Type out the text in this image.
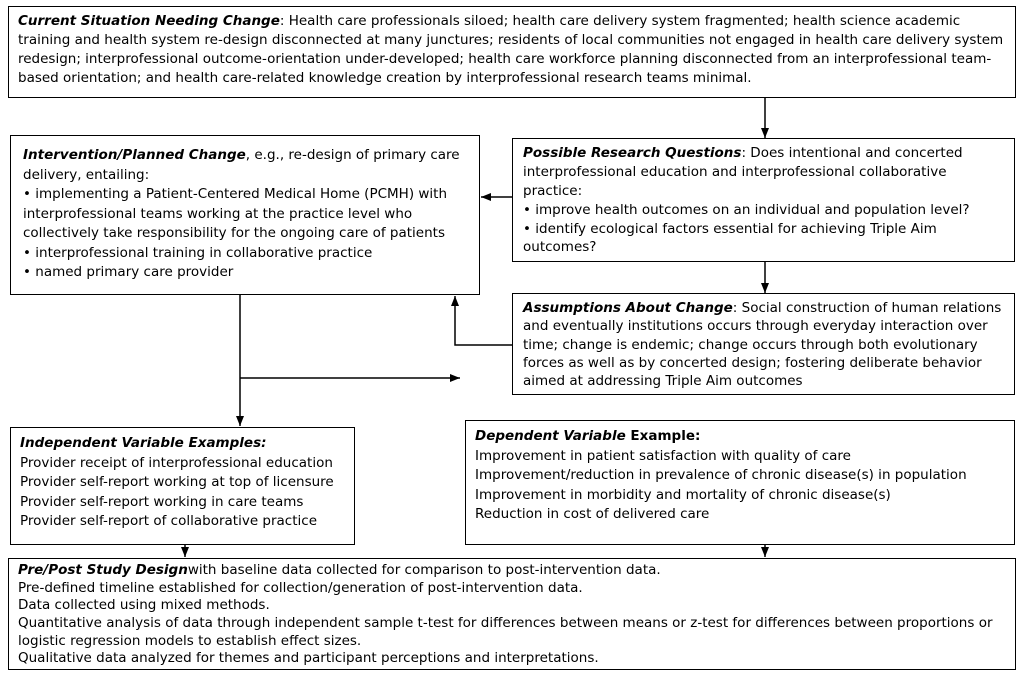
Current Situation Needing Change: Health care professionals siloed; health care delivery system fragmented; health science academic training and health system re-design disconnected at many junctures; residents of local communities not engaged in health care delivery system redesign; interprofessional outcome-orientation under-developed; health care workforce planning disconnected from an interprofessional team-based orientation; and health care-related knowledge creation by interprofessional research teams minimal.
Intervention/Planned Change, e.g., re-design of primary care delivery, entailing:
• implementing a Patient-Centered Medical Home (PCMH) with interprofessional teams working at the practice level who collectively take responsibility for the ongoing care of patients
• interprofessional training in collaborative practice
• named primary care provider
Possible Research Questions: Does intentional and concerted interprofessional education and interprofessional collaborative practice:
• improve health outcomes on an individual and population level?
• identify ecological factors essential for achieving Triple Aim outcomes?
Assumptions About Change: Social construction of human relations and eventually institutions occurs through everyday interaction over time; change is endemic; change occurs through both evolutionary forces as well as by concerted design; fostering deliberate behavior aimed at addressing Triple Aim outcomes
Independent Variable Examples:
Provider receipt of interprofessional education
Provider self-report working at top of licensure
Provider self-report working in care teams
Provider self-report of collaborative practice
Dependent Variable Example:
Improvement in patient satisfaction with quality of care
Improvement/reduction in prevalence of chronic disease(s) in population
Improvement in morbidity and mortality of chronic disease(s)
Reduction in cost of delivered care
Pre/Post Study Designwith baseline data collected for comparison to post-intervention data.
Pre-defined timeline established for collection/generation of post-intervention data.
Data collected using mixed methods.
Quantitative analysis of data through independent sample t-test for differences between means or z-test for differences between proportions or logistic regression models to establish effect sizes.
Qualitative data analyzed for themes and participant perceptions and interpretations.
